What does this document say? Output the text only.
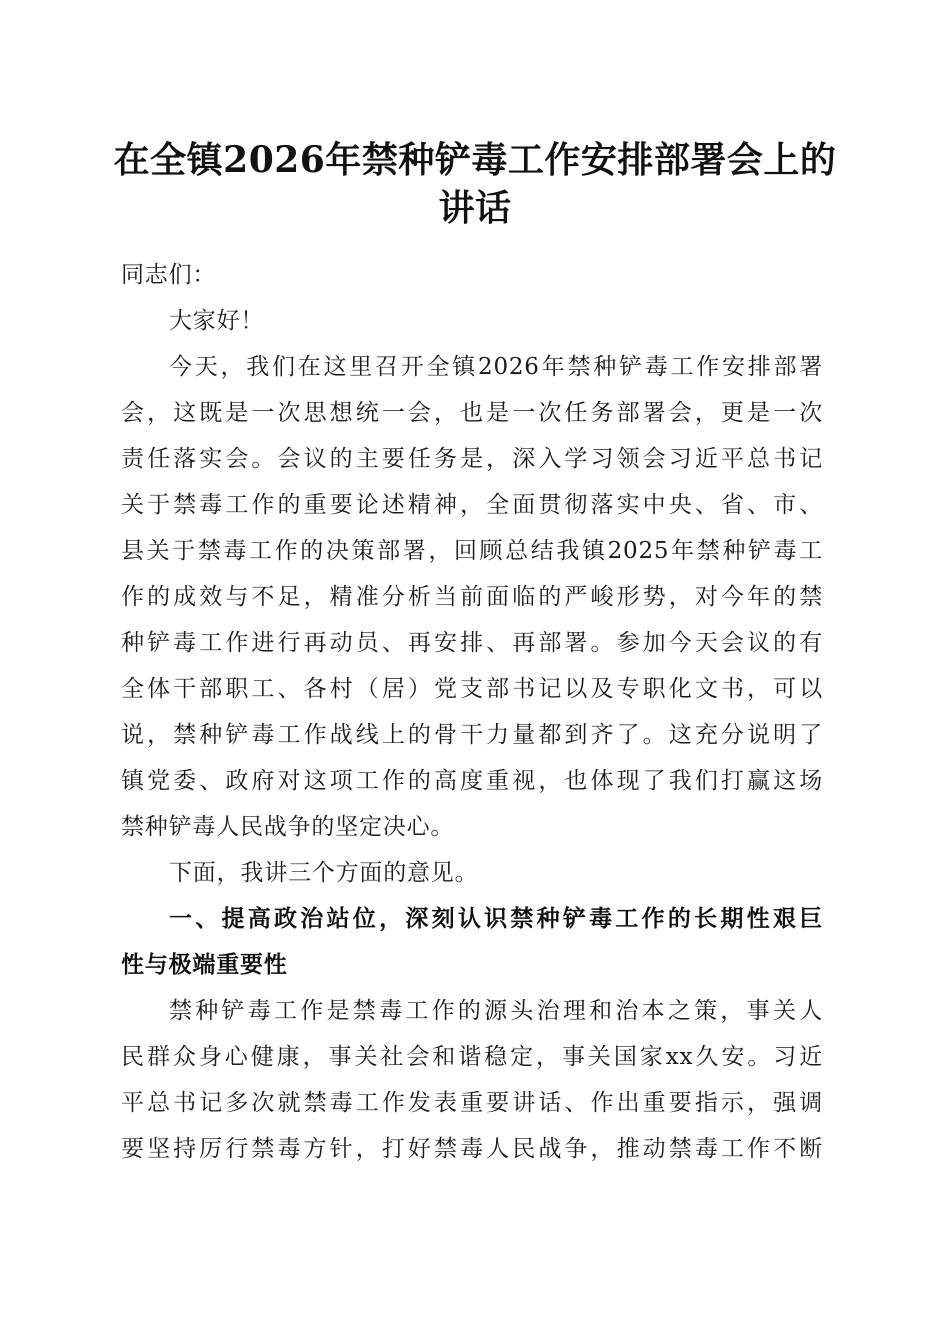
在全镇2026年禁种铲毒工作安排部署会上的
讲话
同志们：
大家好！
今天，我们在这里召开全镇2026年禁种铲毒工作安排部署
会，这既是一次思想统一会，也是一次任务部署会，更是一次
责任落实会。会议的主要任务是，深入学习领会习近平总书记
关于禁毒工作的重要论述精神，全面贯彻落实中央、省、市、
县关于禁毒工作的决策部署，回顾总结我镇2025年禁种铲毒工
作的成效与不足，精准分析当前面临的严峻形势，对今年的禁
种铲毒工作进行再动员、再安排、再部署。参加今天会议的有
全体干部职工、各村（居）党支部书记以及专职化文书，可以
说，禁种铲毒工作战线上的骨干力量都到齐了。这充分说明了
镇党委、政府对这项工作的高度重视，也体现了我们打赢这场
禁种铲毒人民战争的坚定决心。
下面，我讲三个方面的意见。
一、提高政治站位，深刻认识禁种铲毒工作的长期性艰巨
性与极端重要性
禁种铲毒工作是禁毒工作的源头治理和治本之策，事关人
民群众身心健康，事关社会和谐稳定，事关国家xx久安。习近
平总书记多次就禁毒工作发表重要讲话、作出重要指示，强调
要坚持厉行禁毒方针，打好禁毒人民战争，推动禁毒工作不断
